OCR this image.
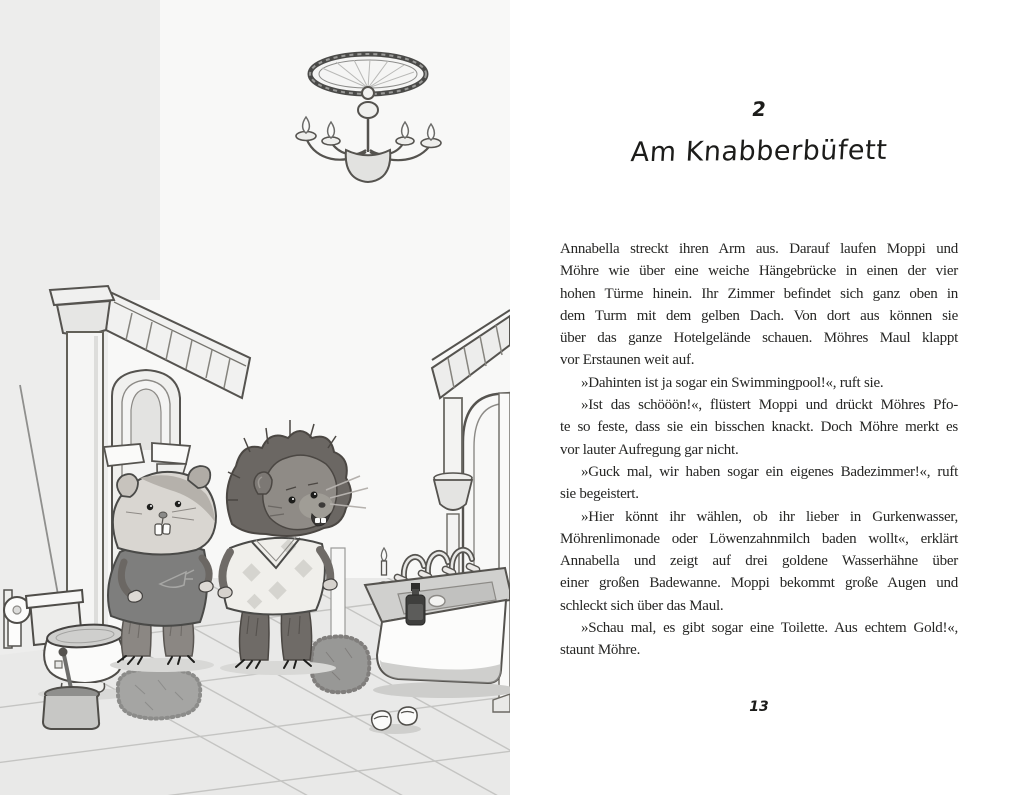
2
Am Knabberbüfett
Annabella streckt ihren Arm aus. Darauf laufen Moppi und
Möhre wie über eine weiche Hängebrücke in einen der vier
hohen Türme hinein. Ihr Zimmer befindet sich ganz oben in
dem Turm mit dem gelben Dach. Von dort aus können sie
über das ganze Hotelgelände schauen. Möhres Maul klappt
vor Erstaunen weit auf.
»Dahinten ist ja sogar ein Swimmingpool!«, ruft sie.
»Ist das schööön!«, flüstert Moppi und drückt Möhres Pfo-
te so feste, dass sie ein bisschen knackt. Doch Möhre merkt es
vor lauter Aufregung gar nicht.
»Guck mal, wir haben sogar ein eigenes Badezimmer!«, ruft
sie begeistert.
»Hier könnt ihr wählen, ob ihr lieber in Gurkenwasser,
Möhrenlimonade oder Löwenzahnmilch baden wollt«, erklärt
Annabella und zeigt auf drei goldene Wasserhähne über
einer großen Badewanne. Moppi bekommt große Augen und
schleckt sich über das Maul.
»Schau mal, es gibt sogar eine Toilette. Aus echtem Gold!«,
staunt Möhre.
13
